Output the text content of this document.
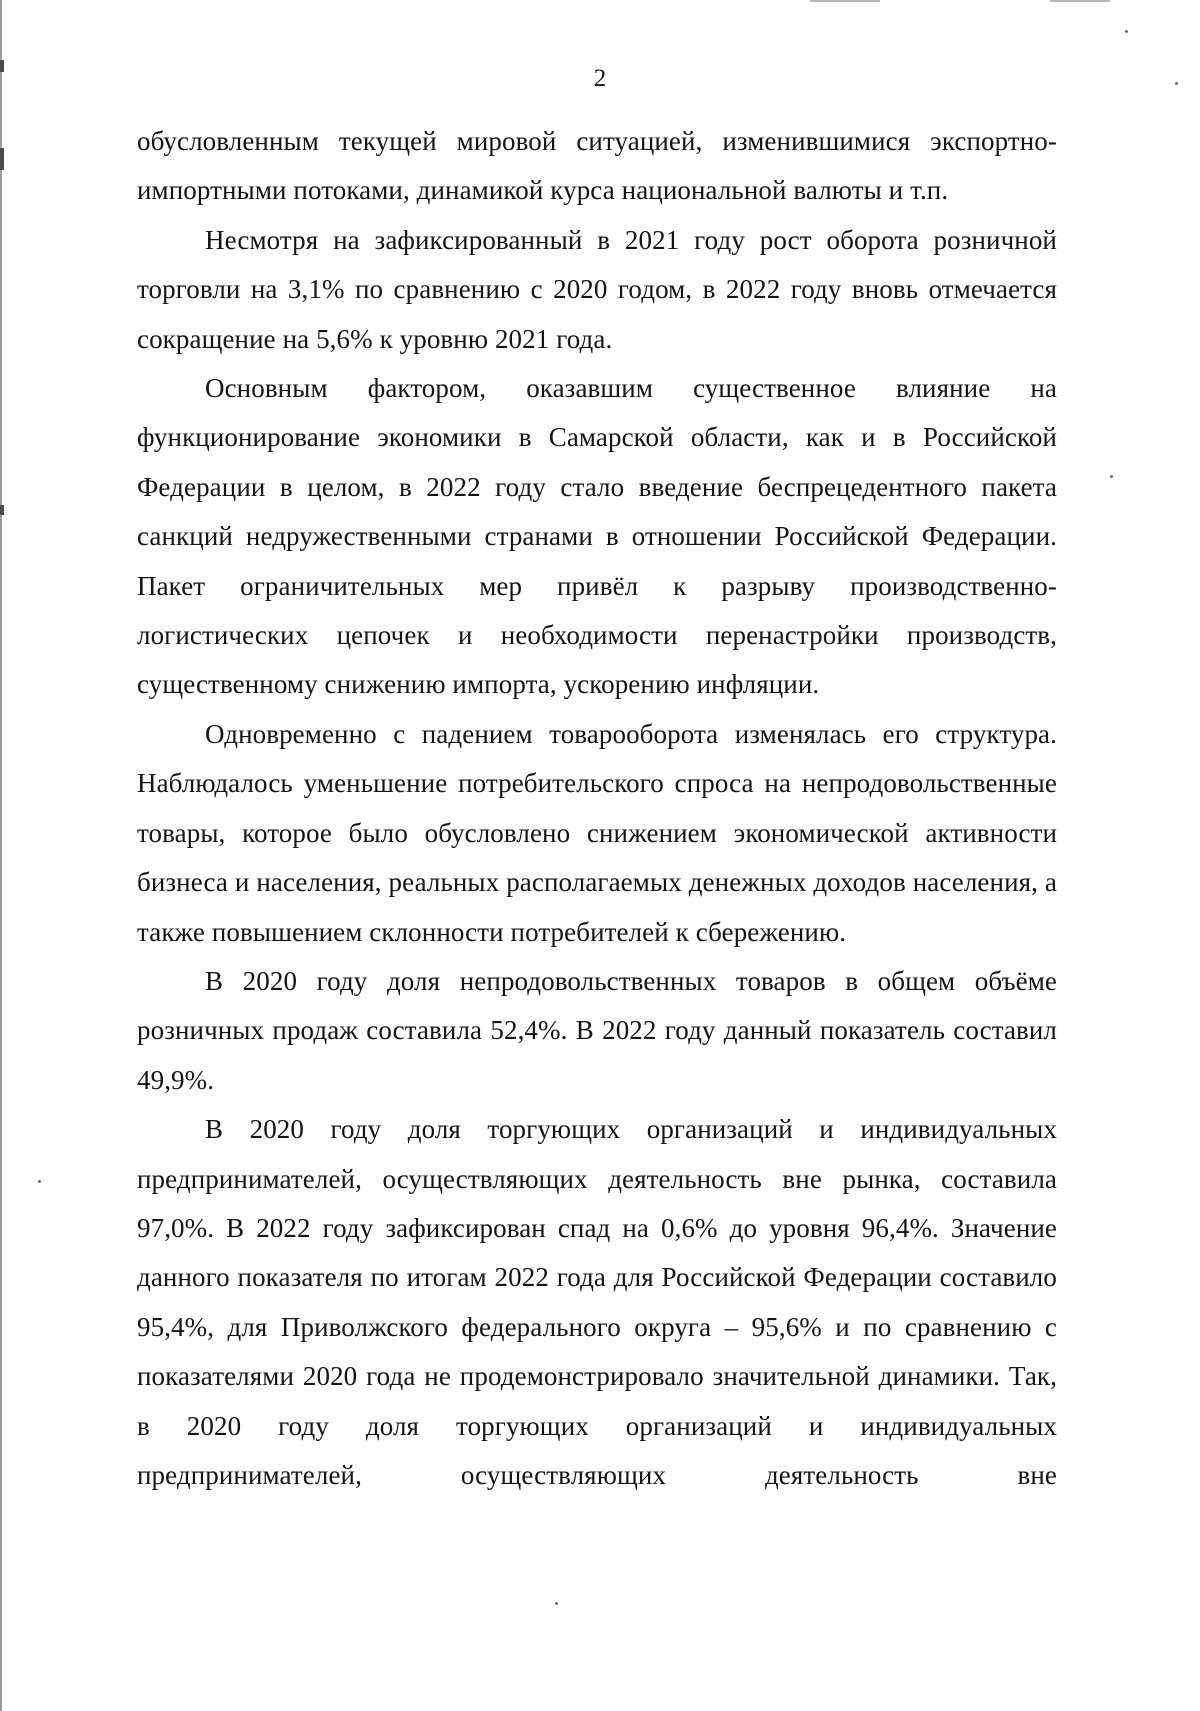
2

обусловленным текущей мировой ситуацией, изменившимися экспортно-импортными потоками, динамикой курса национальной валюты и т.п.

Несмотря на зафиксированный в 2021 году рост оборота розничной торговли на 3,1% по сравнению с 2020 годом, в 2022 году вновь отмечается сокращение на 5,6% к уровню 2021 года.

Основным фактором, оказавшим существенное влияние на функционирование экономики в Самарской области, как и в Российской Федерации в целом, в 2022 году стало введение беспрецедентного пакета санкций недружественными странами в отношении Российской Федерации. Пакет ограничительных мер привёл к разрыву производственно-логистических цепочек и необходимости перенастройки производств, существенному снижению импорта, ускорению инфляции.

Одновременно с падением товарооборота изменялась его структура. Наблюдалось уменьшение потребительского спроса на непродовольственные товары, которое было обусловлено снижением экономической активности бизнеса и населения, реальных располагаемых денежных доходов населения, а также повышением склонности потребителей к сбережению.

В 2020 году доля непродовольственных товаров в общем объёме розничных продаж составила 52,4%. В 2022 году данный показатель составил 49,9%.

В 2020 году доля торгующих организаций и индивидуальных предпринимателей, осуществляющих деятельность вне рынка, составила 97,0%. В 2022 году зафиксирован спад на 0,6% до уровня 96,4%. Значение данного показателя по итогам 2022 года для Российской Федерации составило 95,4%, для Приволжского федерального округа – 95,6% и по сравнению с показателями 2020 года не продемонстрировало значительной динамики. Так, в 2020 году доля торгующих организаций и индивидуальных предпринимателей, осуществляющих деятельность вне
